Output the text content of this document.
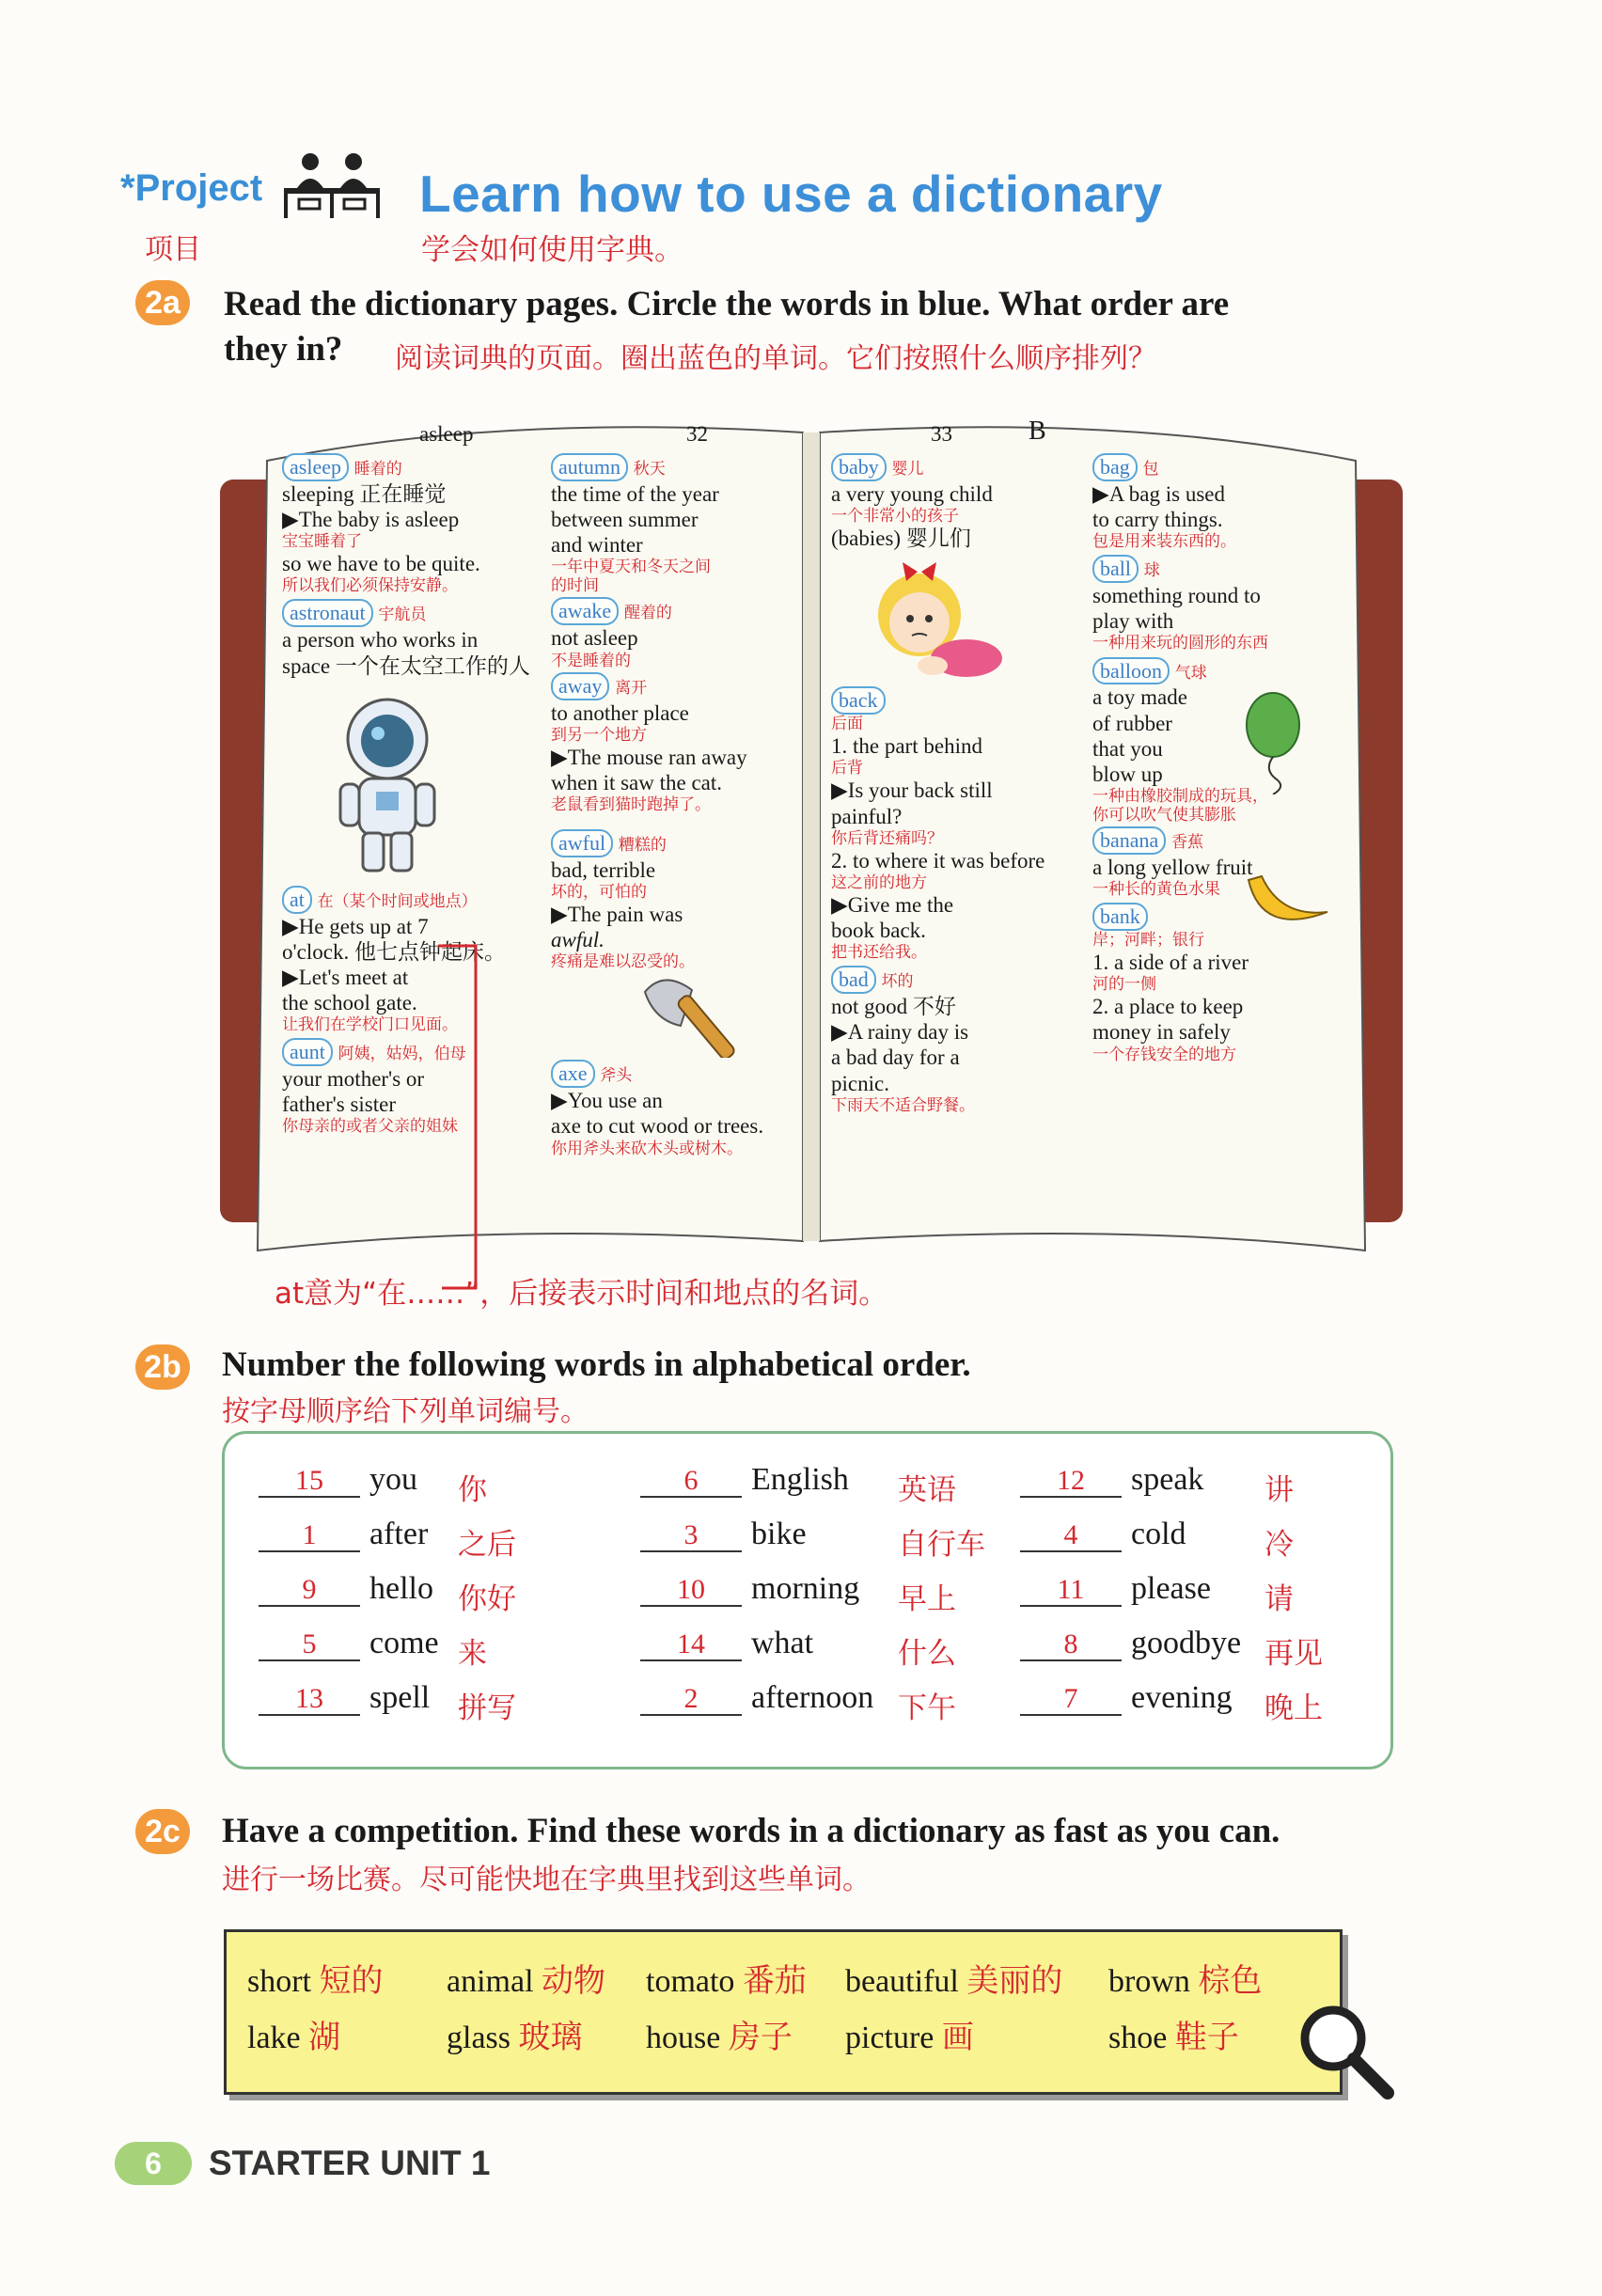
*Project
项目
Learn how to use a dictionary
学会如何使用字典。
2a Read the dictionary pages. Circle the words in blue. What order are
they in? 阅读词典的页面。圈出蓝色的单词。它们按照什么顺序排列？
asleep	32	33	B
asleep 睡着的
sleeping 正在睡觉
▶The baby is asleep
宝宝睡着了
so we have to be quite.
所以我们必须保持安静。
astronaut 宇航员
a person who works in
space 一个在太空工作的人
at 在（某个时间或地点）
▶He gets up at 7
o'clock. 他七点钟起床。
▶Let's meet at
the school gate.
让我们在学校门口见面。
aunt 阿姨，姑妈，伯母
your mother's or
father's sister
你母亲的或者父亲的姐妹
autumn 秋天
the time of the year
between summer
and winter
一年中夏天和冬天之间
的时间
awake 醒着的
not asleep
不是睡着的
away 离开
to another place
到另一个地方
▶The mouse ran away
when it saw the cat.
老鼠看到猫时跑掉了。
awful 糟糕的
bad, terrible
坏的，可怕的
▶The pain was
awful.
疼痛是难以忍受的。
axe 斧头
▶You use an
axe to cut wood or trees.
你用斧头来砍木头或树木。
baby 婴儿
a very young child
一个非常小的孩子
(babies) 婴儿们
back
后面
1. the part behind
后背
▶Is your back still
painful?
你后背还痛吗？
2. to where it was before
这之前的地方
▶Give me the
book back.
把书还给我。
bad 坏的
not good 不好
▶A rainy day is
a bad day for a
picnic.
下雨天不适合野餐。
bag 包
▶A bag is used
to carry things.
包是用来装东西的。
ball 球
something round to
play with
一种用来玩的圆形的东西
balloon 气球
a toy made
of rubber
that you
blow up
一种由橡胶制成的玩具，
你可以吹气使其膨胀
banana 香蕉
a long yellow fruit
一种长的黄色水果
bank
岸；河畔；银行
1. a side of a river
河的一侧
2. a place to keep
money in safely
一个存钱安全的地方
at意为“在……”，后接表示时间和地点的名词。
2b Number the following words in alphabetical order.
按字母顺序给下列单词编号。
15 you 你
1 after 之后
9 hello 你好
5 come 来
13 spell 拼写
6 English 英语
3 bike	自行车
10 morning 早上
14 what	什么
2 afternoon 下午
12 speak 讲
4 cold	冷
11 please 请
8 goodbye 再见
7 evening 晚上
2c Have a competition. Find these words in a dictionary as fast as you can.
进行一场比赛。尽可能快地在字典里找到这些单词。
short 短的 animal 动物 tomato 番茄 beautiful 美丽的 brown 棕色
lake 湖	glass 玻璃 house 房子 picture 画	shoe 鞋子
6	STARTER UNIT 1
